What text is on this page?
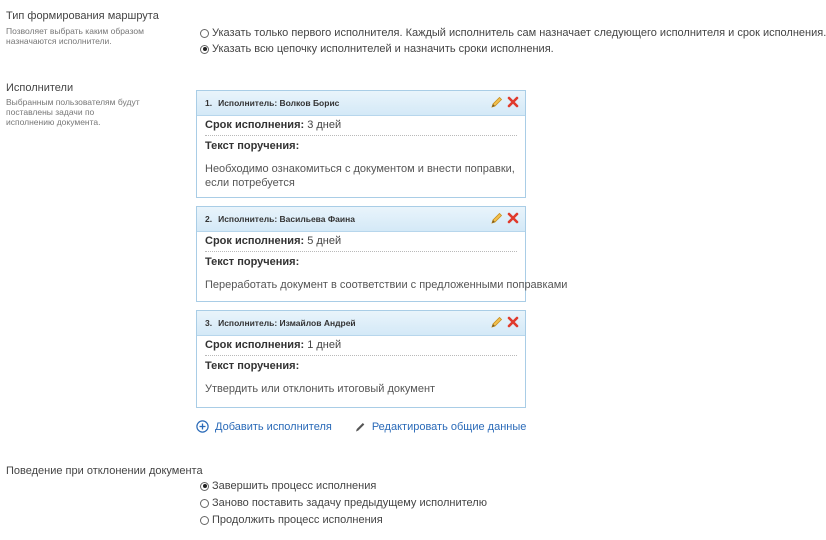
Тип формирования маршрута
Позволяет выбрать каким образом назначаются исполнители.
Указать только первого исполнителя. Каждый исполнитель сам назначает следующего исполнителя и срок исполнения.
Указать всю цепочку исполнителей и назначить сроки исполнения.
Исполнители
Выбранным пользователям будут поставлены задачи по исполнению документа.
1. Исполнитель: Волков Борис
Срок исполнения: 3 дней
Текст поручения:
Необходимо ознакомиться с документом и внести поправки, если потребуется
2. Исполнитель: Васильева Фаина
Срок исполнения: 5 дней
Текст поручения:
Переработать документ в соответствии с предложенными поправками
3. Исполнитель: Измайлов Андрей
Срок исполнения: 1 дней
Текст поручения:
Утвердить или отклонить итоговый документ
Добавить исполнителя	Редактировать общие данные
Поведение при отклонении документа
Завершить процесс исполнения
Заново поставить задачу предыдущему исполнителю
Продолжить процесс исполнения
